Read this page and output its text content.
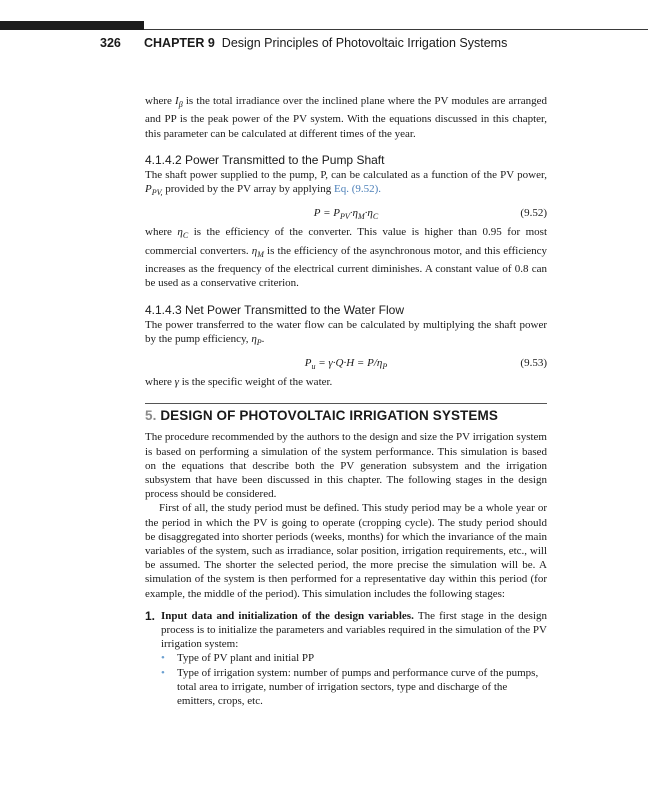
326 CHAPTER 9 Design Principles of Photovoltaic Irrigation Systems

where $I_\beta$ is the total irradiance over the inclined plane where the PV modules are arranged and PP is the peak power of the PV system. With the equations discussed in this chapter, this parameter can be calculated at different times of the year.

4.1.4.2 Power Transmitted to the Pump Shaft

The shaft power supplied to the pump, P, can be calculated as a function of the PV power, $P_{PV,}$ provided by the PV array by applying Eq. (9.52).

$P = P_{PV}\cdot\eta_M\cdot\eta_C$	(9.52)

where $\eta_C$ is the efficiency of the converter. This value is higher than 0.95 for most commercial converters. $\eta_M$ is the efficiency of the asynchronous motor, and this efficiency increases as the frequency of the electrical current diminishes. A constant value of 0.8 can be used as a conservative criterion.

4.1.4.3 Net Power Transmitted to the Water Flow

The power transferred to the water flow can be calculated by multiplying the shaft power by the pump efficiency, $\eta_P$.

$P_u = \gamma\cdot Q\cdot H = P/\eta_P$	(9.53)

where γ is the specific weight of the water.

5. DESIGN OF PHOTOVOLTAIC IRRIGATION SYSTEMS

The procedure recommended by the authors to the design and size the PV irrigation system is based on performing a simulation of the system performance. This simulation is based on the equations that describe both the PV generation subsystem and the irrigation subsystem that have been discussed in this chapter. The following stages in the design process should be considered.

First of all, the study period must be defined. This study period may be a whole year or the period in which the PV is going to operate (cropping cycle). The study period should be disaggregated into shorter periods (weeks, months) for which the invariance of the main variables of the system, such as irradiance, solar position, irrigation requirements, etc., will be assumed. The shorter the selected period, the more precise the simulation will be. A simulation of the system is then performed for a representative day within this period (for example, the middle of the period). This simulation includes the following stages:

1. Input data and initialization of the design variables. The first stage in the design process is to initialize the parameters and variables required in the simulation of the PV irrigation system:

• Type of PV plant and initial PP
• Type of irrigation system: number of pumps and performance curve of the pumps, total area to irrigate, number of irrigation sectors, type and discharge of the emitters, crops, etc.
